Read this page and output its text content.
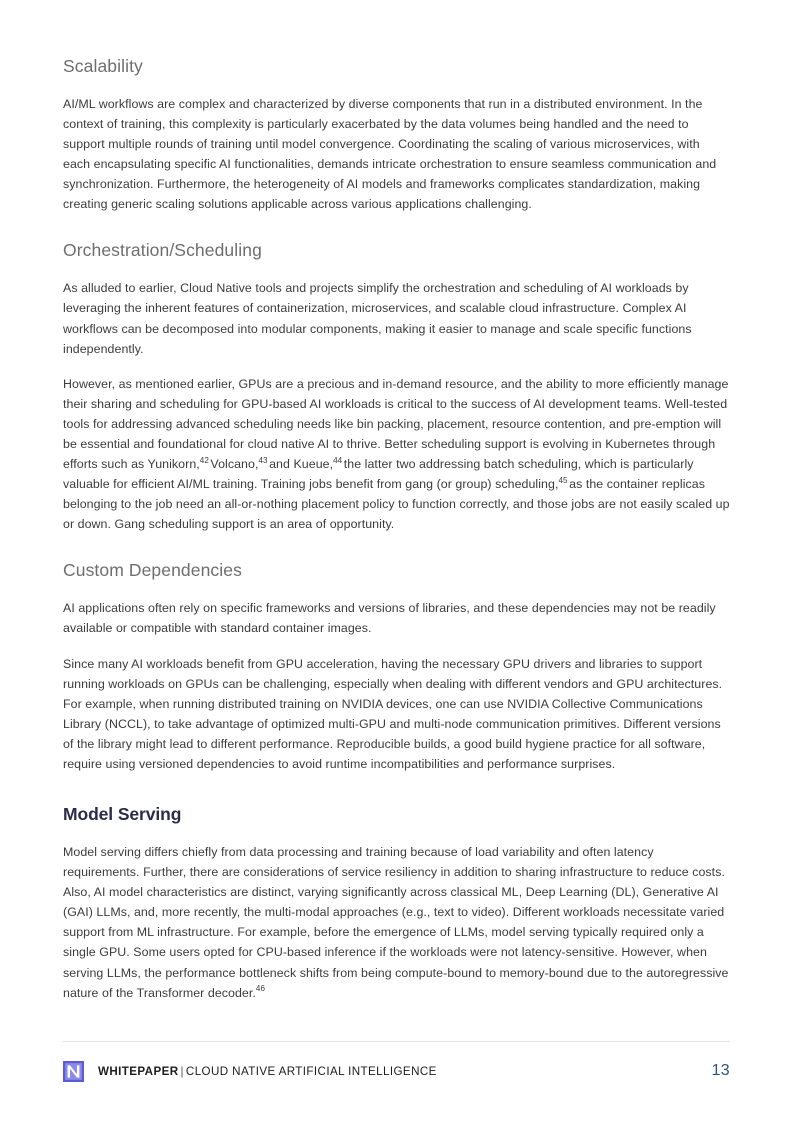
Scalability

AI/ML workflows are complex and characterized by diverse components that run in a distributed environment. In the context of training, this complexity is particularly exacerbated by the data volumes being handled and the need to support multiple rounds of training until model convergence. Coordinating the scaling of various microservices, with each encapsulating specific AI functionalities, demands intricate orchestration to ensure seamless communication and synchronization. Furthermore, the heterogeneity of AI models and frameworks complicates standardization, making creating generic scaling solutions applicable across various applications challenging.

Orchestration/Scheduling

As alluded to earlier, Cloud Native tools and projects simplify the orchestration and scheduling of AI workloads by leveraging the inherent features of containerization, microservices, and scalable cloud infrastructure. Complex AI workflows can be decomposed into modular components, making it easier to manage and scale specific functions independently.

However, as mentioned earlier, GPUs are a precious and in-demand resource, and the ability to more efficiently manage their sharing and scheduling for GPU-based AI workloads is critical to the success of AI development teams. Well-tested tools for addressing advanced scheduling needs like bin packing, placement, resource contention, and pre-emption will be essential and foundational for cloud native AI to thrive. Better scheduling support is evolving in Kubernetes through efforts such as Yunikorn,$^{42}$ Volcano,$^{43}$ and Kueue,$^{44}$ the latter two addressing batch scheduling, which is particularly valuable for efficient AI/ML training. Training jobs benefit from gang (or group) scheduling,$^{45}$ as the container replicas belonging to the job need an all-or-nothing placement policy to function correctly, and those jobs are not easily scaled up or down. Gang scheduling support is an area of opportunity.

Custom Dependencies

AI applications often rely on specific frameworks and versions of libraries, and these dependencies may not be readily available or compatible with standard container images.

Since many AI workloads benefit from GPU acceleration, having the necessary GPU drivers and libraries to support running workloads on GPUs can be challenging, especially when dealing with different vendors and GPU architectures. For example, when running distributed training on NVIDIA devices, one can use NVIDIA Collective Communications Library (NCCL), to take advantage of optimized multi-GPU and multi-node communication primitives. Different versions of the library might lead to different performance. Reproducible builds, a good build hygiene practice for all software, require using versioned dependencies to avoid runtime incompatibilities and performance surprises.

Model Serving

Model serving differs chiefly from data processing and training because of load variability and often latency requirements. Further, there are considerations of service resiliency in addition to sharing infrastructure to reduce costs. Also, AI model characteristics are distinct, varying significantly across classical ML, Deep Learning (DL), Generative AI (GAI) LLMs, and, more recently, the multi-modal approaches (e.g., text to video). Different workloads necessitate varied support from ML infrastructure. For example, before the emergence of LLMs, model serving typically required only a single GPU. Some users opted for CPU-based inference if the workloads were not latency-sensitive. However, when serving LLMs, the performance bottleneck shifts from being compute-bound to memory-bound due to the autoregressive nature of the Transformer decoder.$^{46}$

WHITEPAPER | CLOUD NATIVE ARTIFICIAL INTELLIGENCE	13
